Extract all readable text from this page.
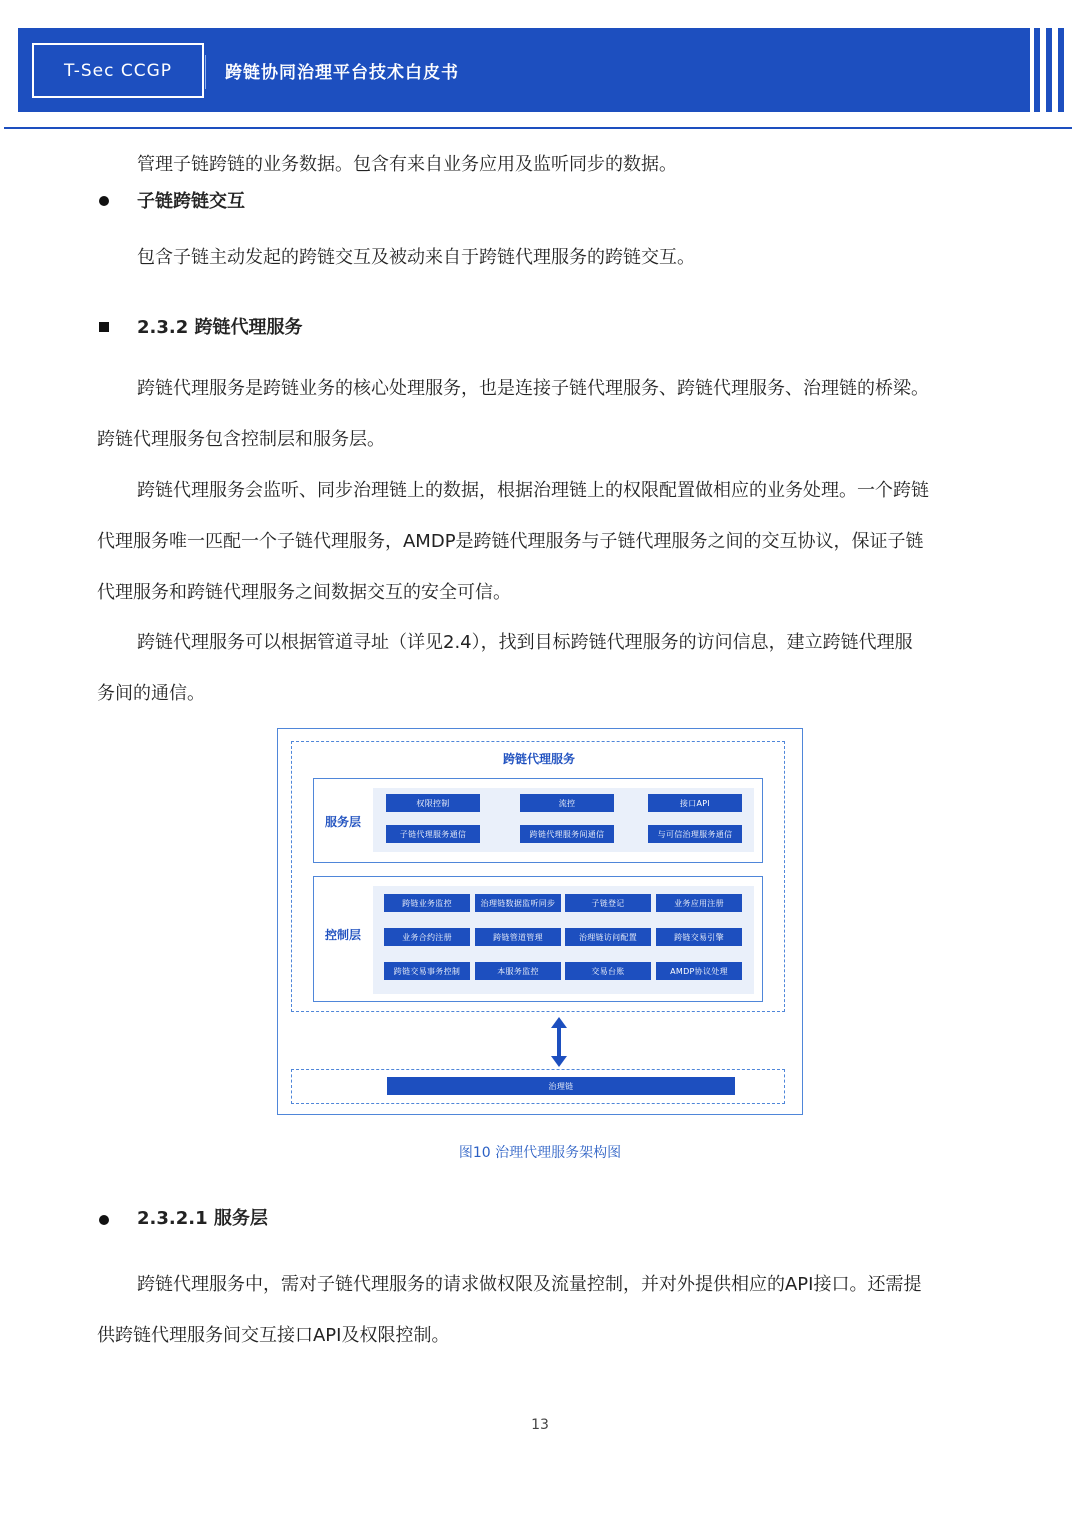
T-Sec CCGP	跨链协同治理平台技术白皮书
管理子链跨链的业务数据。包含有来自业务应用及监听同步的数据。
子链跨链交互
包含子链主动发起的跨链交互及被动来自于跨链代理服务的跨链交互。
2.3.2 跨链代理服务
跨链代理服务是跨链业务的核心处理服务，也是连接子链代理服务、跨链代理服务、治理链的桥梁。
跨链代理服务包含控制层和服务层。
跨链代理服务会监听、同步治理链上的数据，根据治理链上的权限配置做相应的业务处理。一个跨链
代理服务唯一匹配一个子链代理服务，AMDP是跨链代理服务与子链代理服务之间的交互协议，保证子链
代理服务和跨链代理服务之间数据交互的安全可信。
跨链代理服务可以根据管道寻址（详见2.4），找到目标跨链代理服务的访问信息，建立跨链代理服
务间的通信。
跨链代理服务
服务层
权限控制	流控	接口API
子链代理服务通信	跨链代理服务间通信	与可信治理服务通信
控制层
跨链业务监控	治理链数据监听同步	子链登记	业务应用注册
业务合约注册	跨链管道管理	治理链访问配置	跨链交易引擎
跨链交易事务控制	本服务监控	交易台账	AMDP协议处理
治理链
图10 治理代理服务架构图
2.3.2.1 服务层
跨链代理服务中，需对子链代理服务的请求做权限及流量控制，并对外提供相应的API接口。还需提
供跨链代理服务间交互接口API及权限控制。
13
